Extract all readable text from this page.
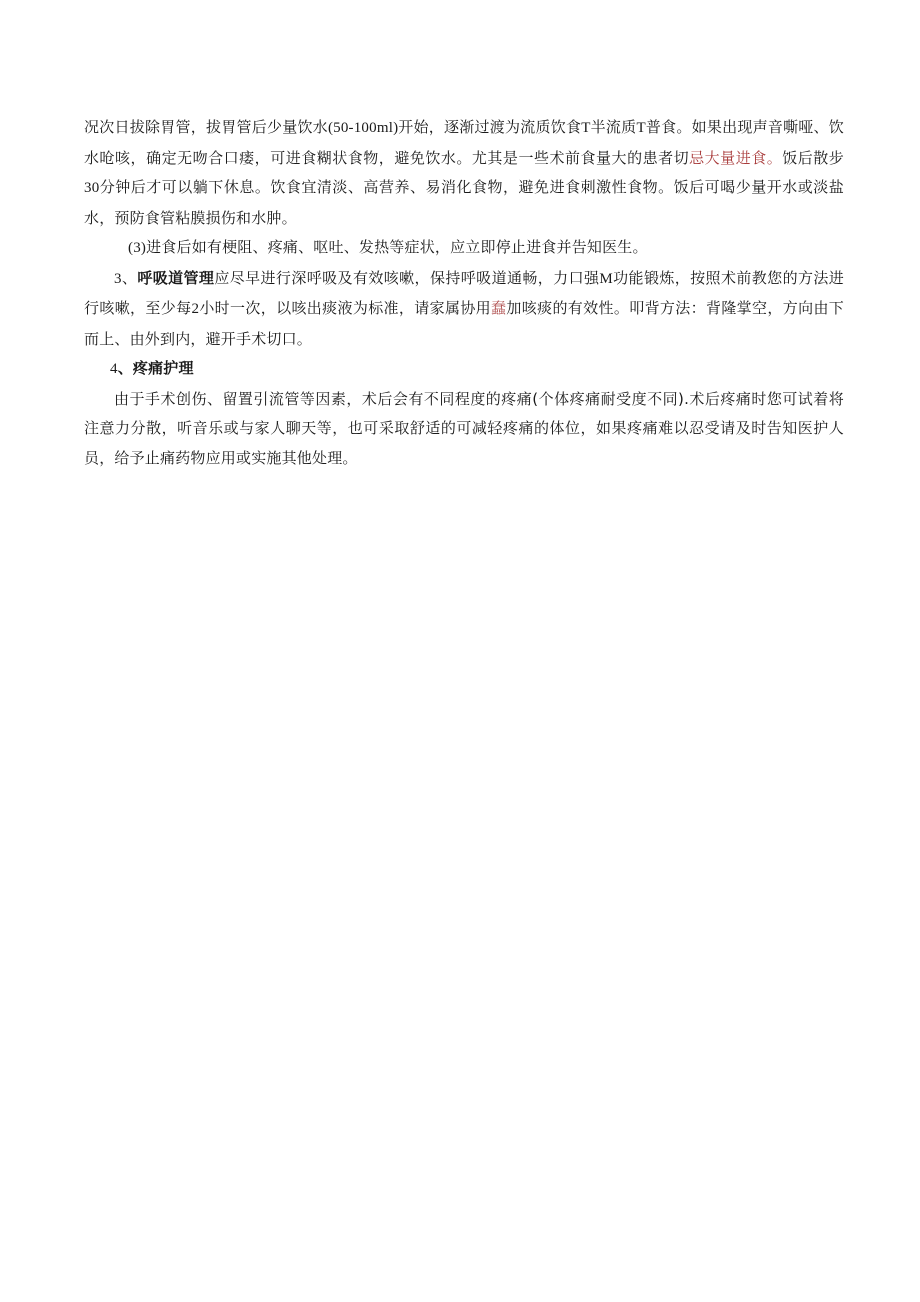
况次日拔除胃管，拔胃管后少量饮水(50-100ml)开始，逐渐过渡为流质饮食T半流质T普食。如果出现声音嘶哑、饮水呛咳，确定无吻合口瘘，可进食糊状食物，避免饮水。尤其是一些术前食量大的患者切忌大量进食。饭后散步30分钟后才可以躺下休息。饮食宜清淡、高营养、易消化食物，避免进食刺激性食物。饭后可喝少量开水或淡盐水，预防食管粘膜损伤和水肿。

(3)进食后如有梗阻、疼痛、呕吐、发热等症状，应立即停止进食并告知医生。

3、呼吸道管理应尽早进行深呼吸及有效咳嗽，保持呼吸道通畅，力口强M功能锻炼，按照术前教您的方法进行咳嗽，至少每2小时一次，以咳出痰液为标准，请家属协用蠢加咳痰的有效性。叩背方法：背隆掌空，方向由下而上、由外到内，避开手术切口。

4、疼痛护理

由于手术创伤、留置引流管等因素，术后会有不同程度的疼痛(个体疼痛耐受度不同).术后疼痛时您可试着将注意力分散，听音乐或与家人聊天等，也可采取舒适的可减轻疼痛的体位，如果疼痛难以忍受请及时告知医护人员，给予止痛药物应用或实施其他处理。
